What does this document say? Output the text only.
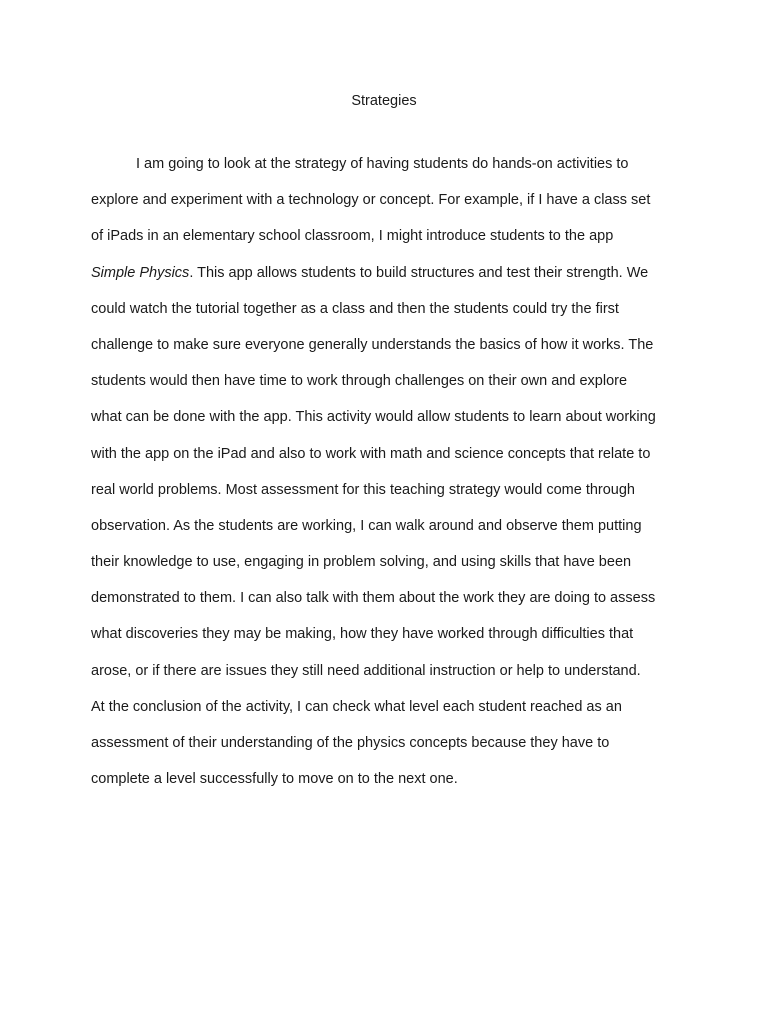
Strategies
I am going to look at the strategy of having students do hands-on activities to
explore and experiment with a technology or concept. For example, if I have a class set
of iPads in an elementary school classroom, I might introduce students to the app
Simple Physics. This app allows students to build structures and test their strength. We
could watch the tutorial together as a class and then the students could try the first
challenge to make sure everyone generally understands the basics of how it works. The
students would then have time to work through challenges on their own and explore
what can be done with the app. This activity would allow students to learn about working
with the app on the iPad and also to work with math and science concepts that relate to
real world problems. Most assessment for this teaching strategy would come through
observation. As the students are working, I can walk around and observe them putting
their knowledge to use, engaging in problem solving, and using skills that have been
demonstrated to them. I can also talk with them about the work they are doing to assess
what discoveries they may be making, how they have worked through difficulties that
arose, or if there are issues they still need additional instruction or help to understand.
At the conclusion of the activity, I can check what level each student reached as an
assessment of their understanding of the physics concepts because they have to
complete a level successfully to move on to the next one.
